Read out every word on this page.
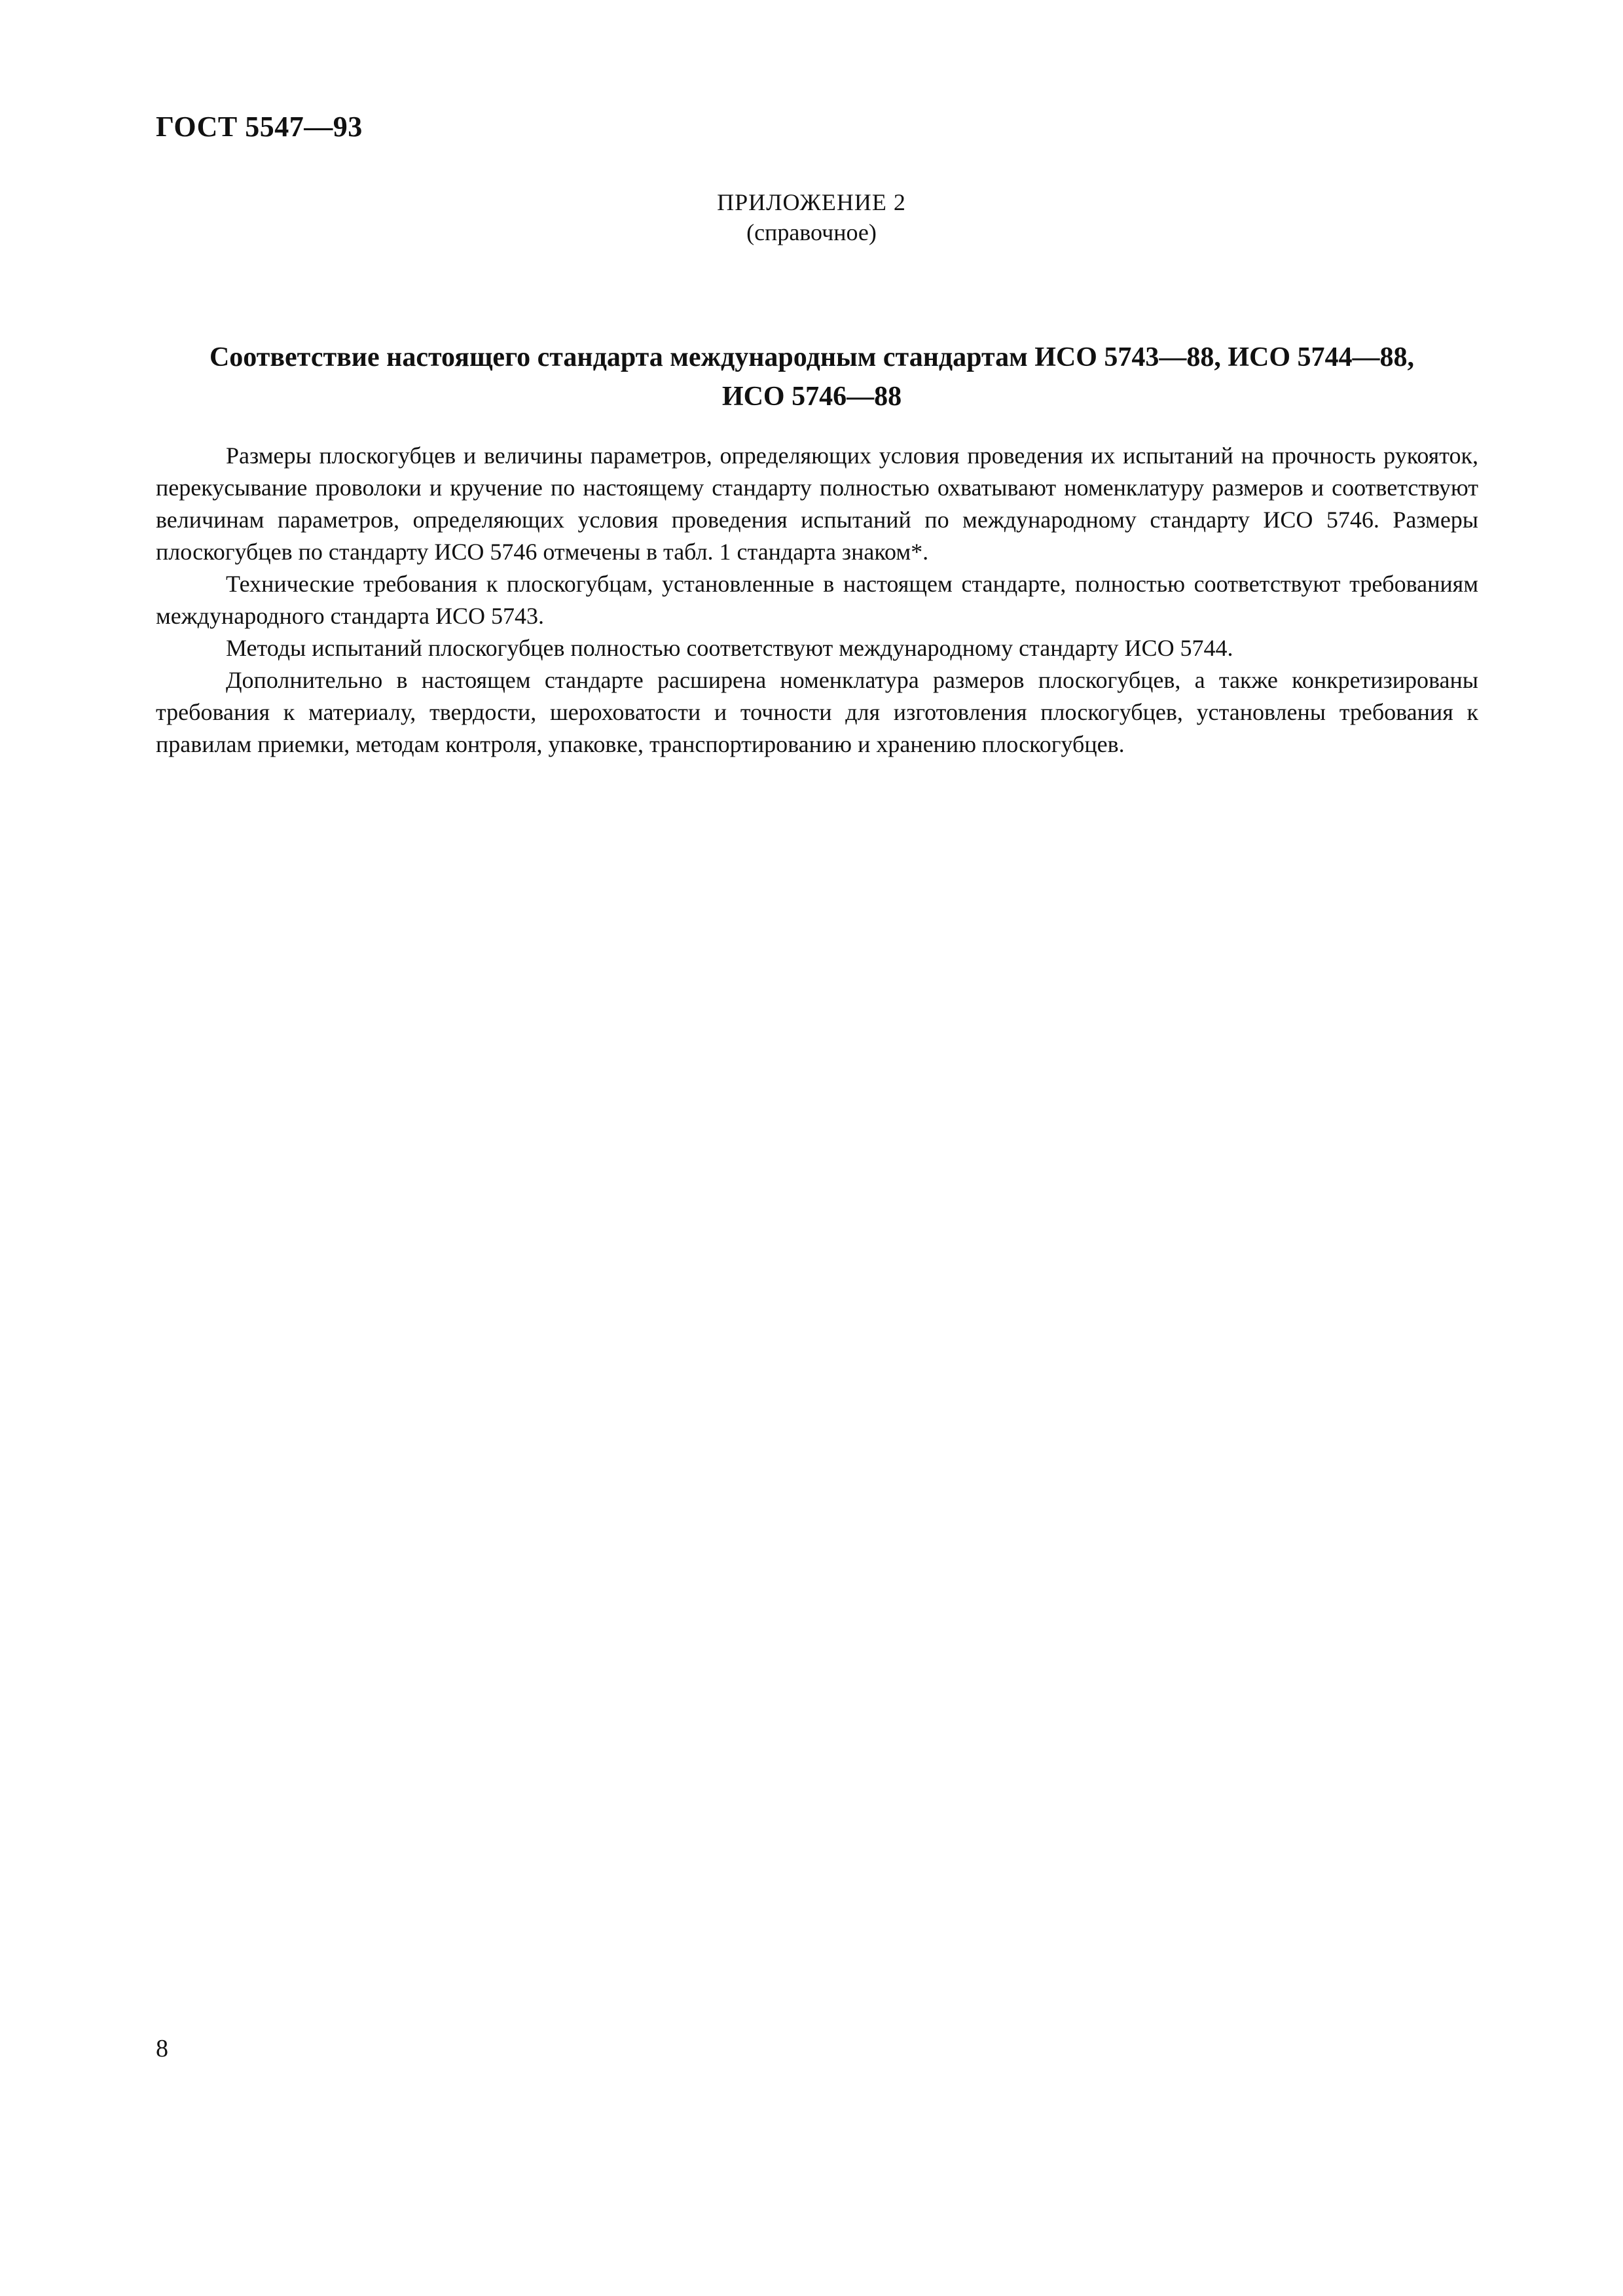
ГОСТ 5547—93

ПРИЛОЖЕНИЕ 2

(справочное)

Соответствие настоящего стандарта международным стандартам ИСО 5743—88, ИСО 5744—88, ИСО 5746—88

Размеры плоскогубцев и величины параметров, определяющих условия проведения их испытаний на прочность рукояток, перекусывание проволоки и кручение по настоящему стандарту полностью охватывают номенклатуру размеров и соответствуют величинам параметров, определяющих условия проведения испытаний по международному стандарту ИСО 5746. Размеры плоскогубцев по стандарту ИСО 5746 отмечены в табл. 1 стандарта знаком*.

Технические требования к плоскогубцам, установленные в настоящем стандарте, полностью соответствуют требованиям международного стандарта ИСО 5743.

Методы испытаний плоскогубцев полностью соответствуют международному стандарту ИСО 5744.

Дополнительно в настоящем стандарте расширена номенклатура размеров плоскогубцев, а также конкретизированы требования к материалу, твердости, шероховатости и точности для изготовления плоскогубцев, установлены требования к правилам приемки, методам контроля, упаковке, транспортированию и хранению плоскогубцев.

8
